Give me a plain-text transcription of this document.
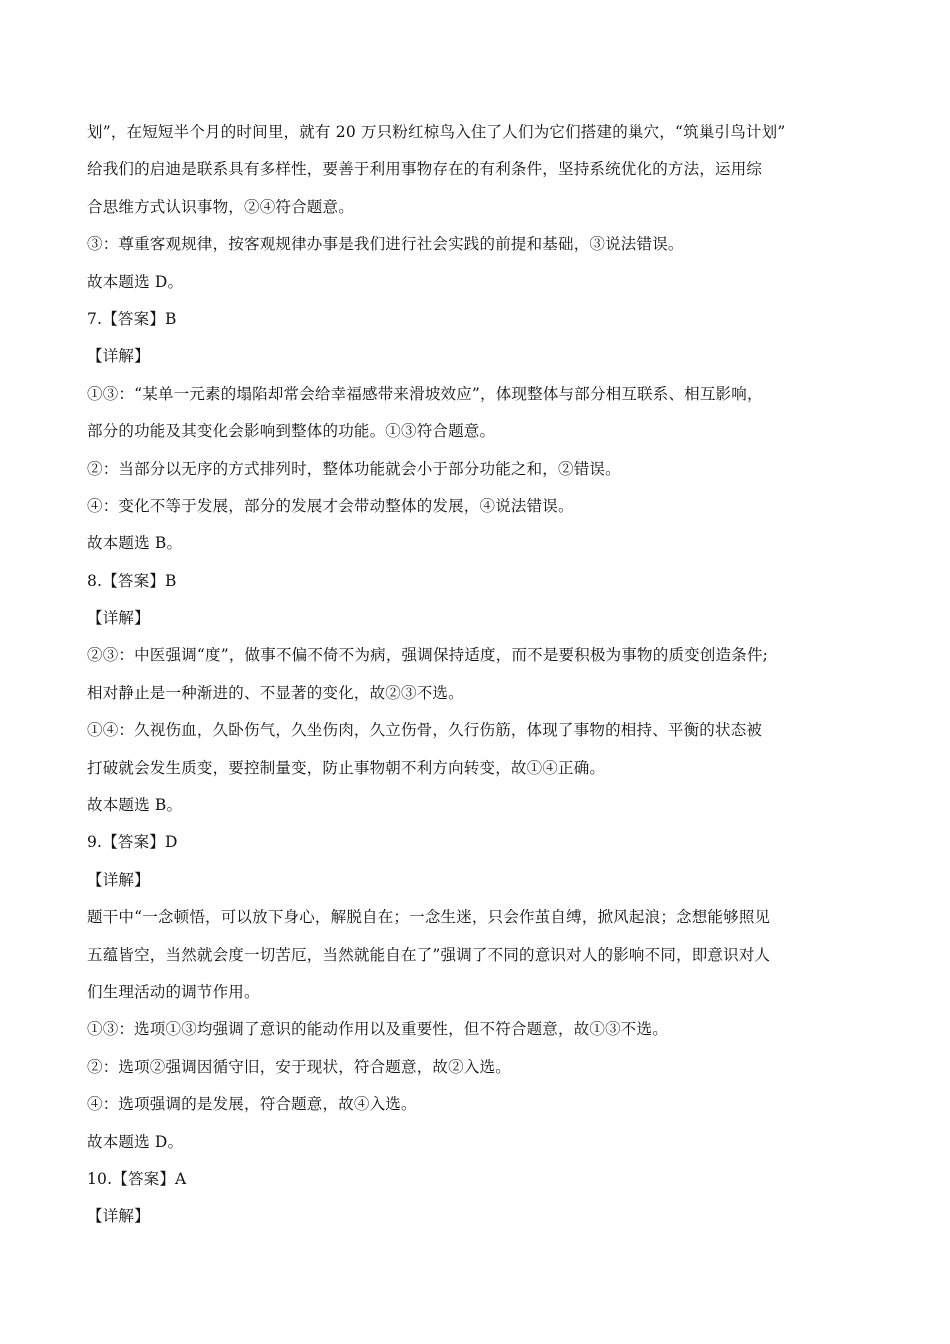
划”，在短短半个月的时间里，就有 20 万只粉红椋鸟入住了人们为它们搭建的巢穴，“筑巢引鸟计划”
给我们的启迪是联系具有多样性，要善于利用事物存在的有利条件，坚持系统优化的方法，运用综
合思维方式认识事物，②④符合题意。
③：尊重客观规律，按客观规律办事是我们进行社会实践的前提和基础，③说法错误。
故本题选 D。
7.【答案】B
【详解】
①③：“某单一元素的塌陷却常会给幸福感带来滑坡效应”，体现整体与部分相互联系、相互影响，
部分的功能及其变化会影响到整体的功能。①③符合题意。
②：当部分以无序的方式排列时，整体功能就会小于部分功能之和，②错误。
④：变化不等于发展，部分的发展才会带动整体的发展，④说法错误。
故本题选 B。
8.【答案】B
【详解】
②③：中医强调“度”，做事不偏不倚不为病，强调保持适度，而不是要积极为事物的质变创造条件;
相对静止是一种渐进的、不显著的变化，故②③不选。
①④：久视伤血，久卧伤气，久坐伤肉，久立伤骨，久行伤筋，体现了事物的相持、平衡的状态被
打破就会发生质变，要控制量变，防止事物朝不利方向转变，故①④正确。
故本题选 B。
9.【答案】D
【详解】
题干中“一念顿悟，可以放下身心，解脱自在；一念生迷，只会作茧自缚，掀风起浪；念想能够照见
五蕴皆空，当然就会度一切苦厄，当然就能自在了”强调了不同的意识对人的影响不同，即意识对人
们生理活动的调节作用。
①③：选项①③均强调了意识的能动作用以及重要性，但不符合题意，故①③不选。
②：选项②强调因循守旧，安于现状，符合题意，故②入选。
④：选项强调的是发展，符合题意，故④入选。
故本题选 D。
10.【答案】A
【详解】
